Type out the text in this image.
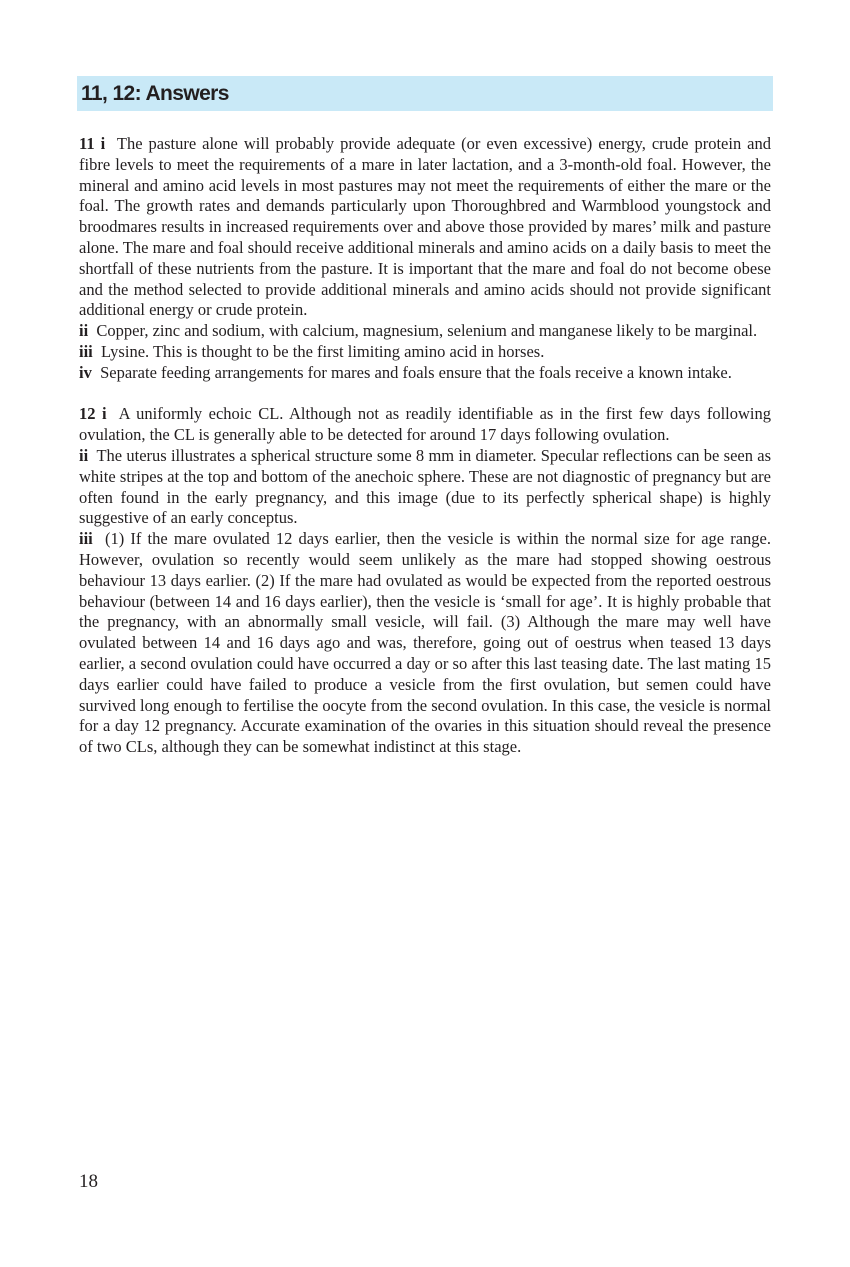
11, 12: Answers

11 i The pasture alone will probably provide adequate (or even excessive) energy, crude protein and fibre levels to meet the requirements of a mare in later lactation, and a 3-month-old foal. However, the mineral and amino acid levels in most pastures may not meet the requirements of either the mare or the foal. The growth rates and demands particularly upon Thoroughbred and Warmblood youngstock and broodmares results in increased requirements over and above those provided by mares’ milk and pasture alone. The mare and foal should receive additional minerals and amino acids on a daily basis to meet the shortfall of these nutrients from the pasture. It is important that the mare and foal do not become obese and the method selected to provide additional minerals and amino acids should not provide significant additional energy or crude protein.

ii Copper, zinc and sodium, with calcium, magnesium, selenium and manganese likely to be marginal.

iii Lysine. This is thought to be the first limiting amino acid in horses.

iv Separate feeding arrangements for mares and foals ensure that the foals receive a known intake.

12 i A uniformly echoic CL. Although not as readily identifiable as in the first few days following ovulation, the CL is generally able to be detected for around 17 days following ovulation.

ii The uterus illustrates a spherical structure some 8 mm in diameter. Specular reflections can be seen as white stripes at the top and bottom of the anechoic sphere. These are not diagnostic of pregnancy but are often found in the early pregnancy, and this image (due to its perfectly spherical shape) is highly suggestive of an early conceptus.

iii (1) If the mare ovulated 12 days earlier, then the vesicle is within the normal size for age range. However, ovulation so recently would seem unlikely as the mare had stopped showing oestrous behaviour 13 days earlier. (2) If the mare had ovulated as would be expected from the reported oestrous behaviour (between 14 and 16 days earlier), then the vesicle is ‘small for age’. It is highly probable that the pregnancy, with an abnormally small vesicle, will fail. (3) Although the mare may well have ovulated between 14 and 16 days ago and was, therefore, going out of oestrus when teased 13 days earlier, a second ovulation could have occurred a day or so after this last teasing date. The last mating 15 days earlier could have failed to produce a vesicle from the first ovulation, but semen could have survived long enough to fertilise the oocyte from the second ovulation. In this case, the vesicle is normal for a day 12 pregnancy. Accurate examination of the ovaries in this situation should reveal the presence of two CLs, although they can be somewhat indistinct at this stage.

18
